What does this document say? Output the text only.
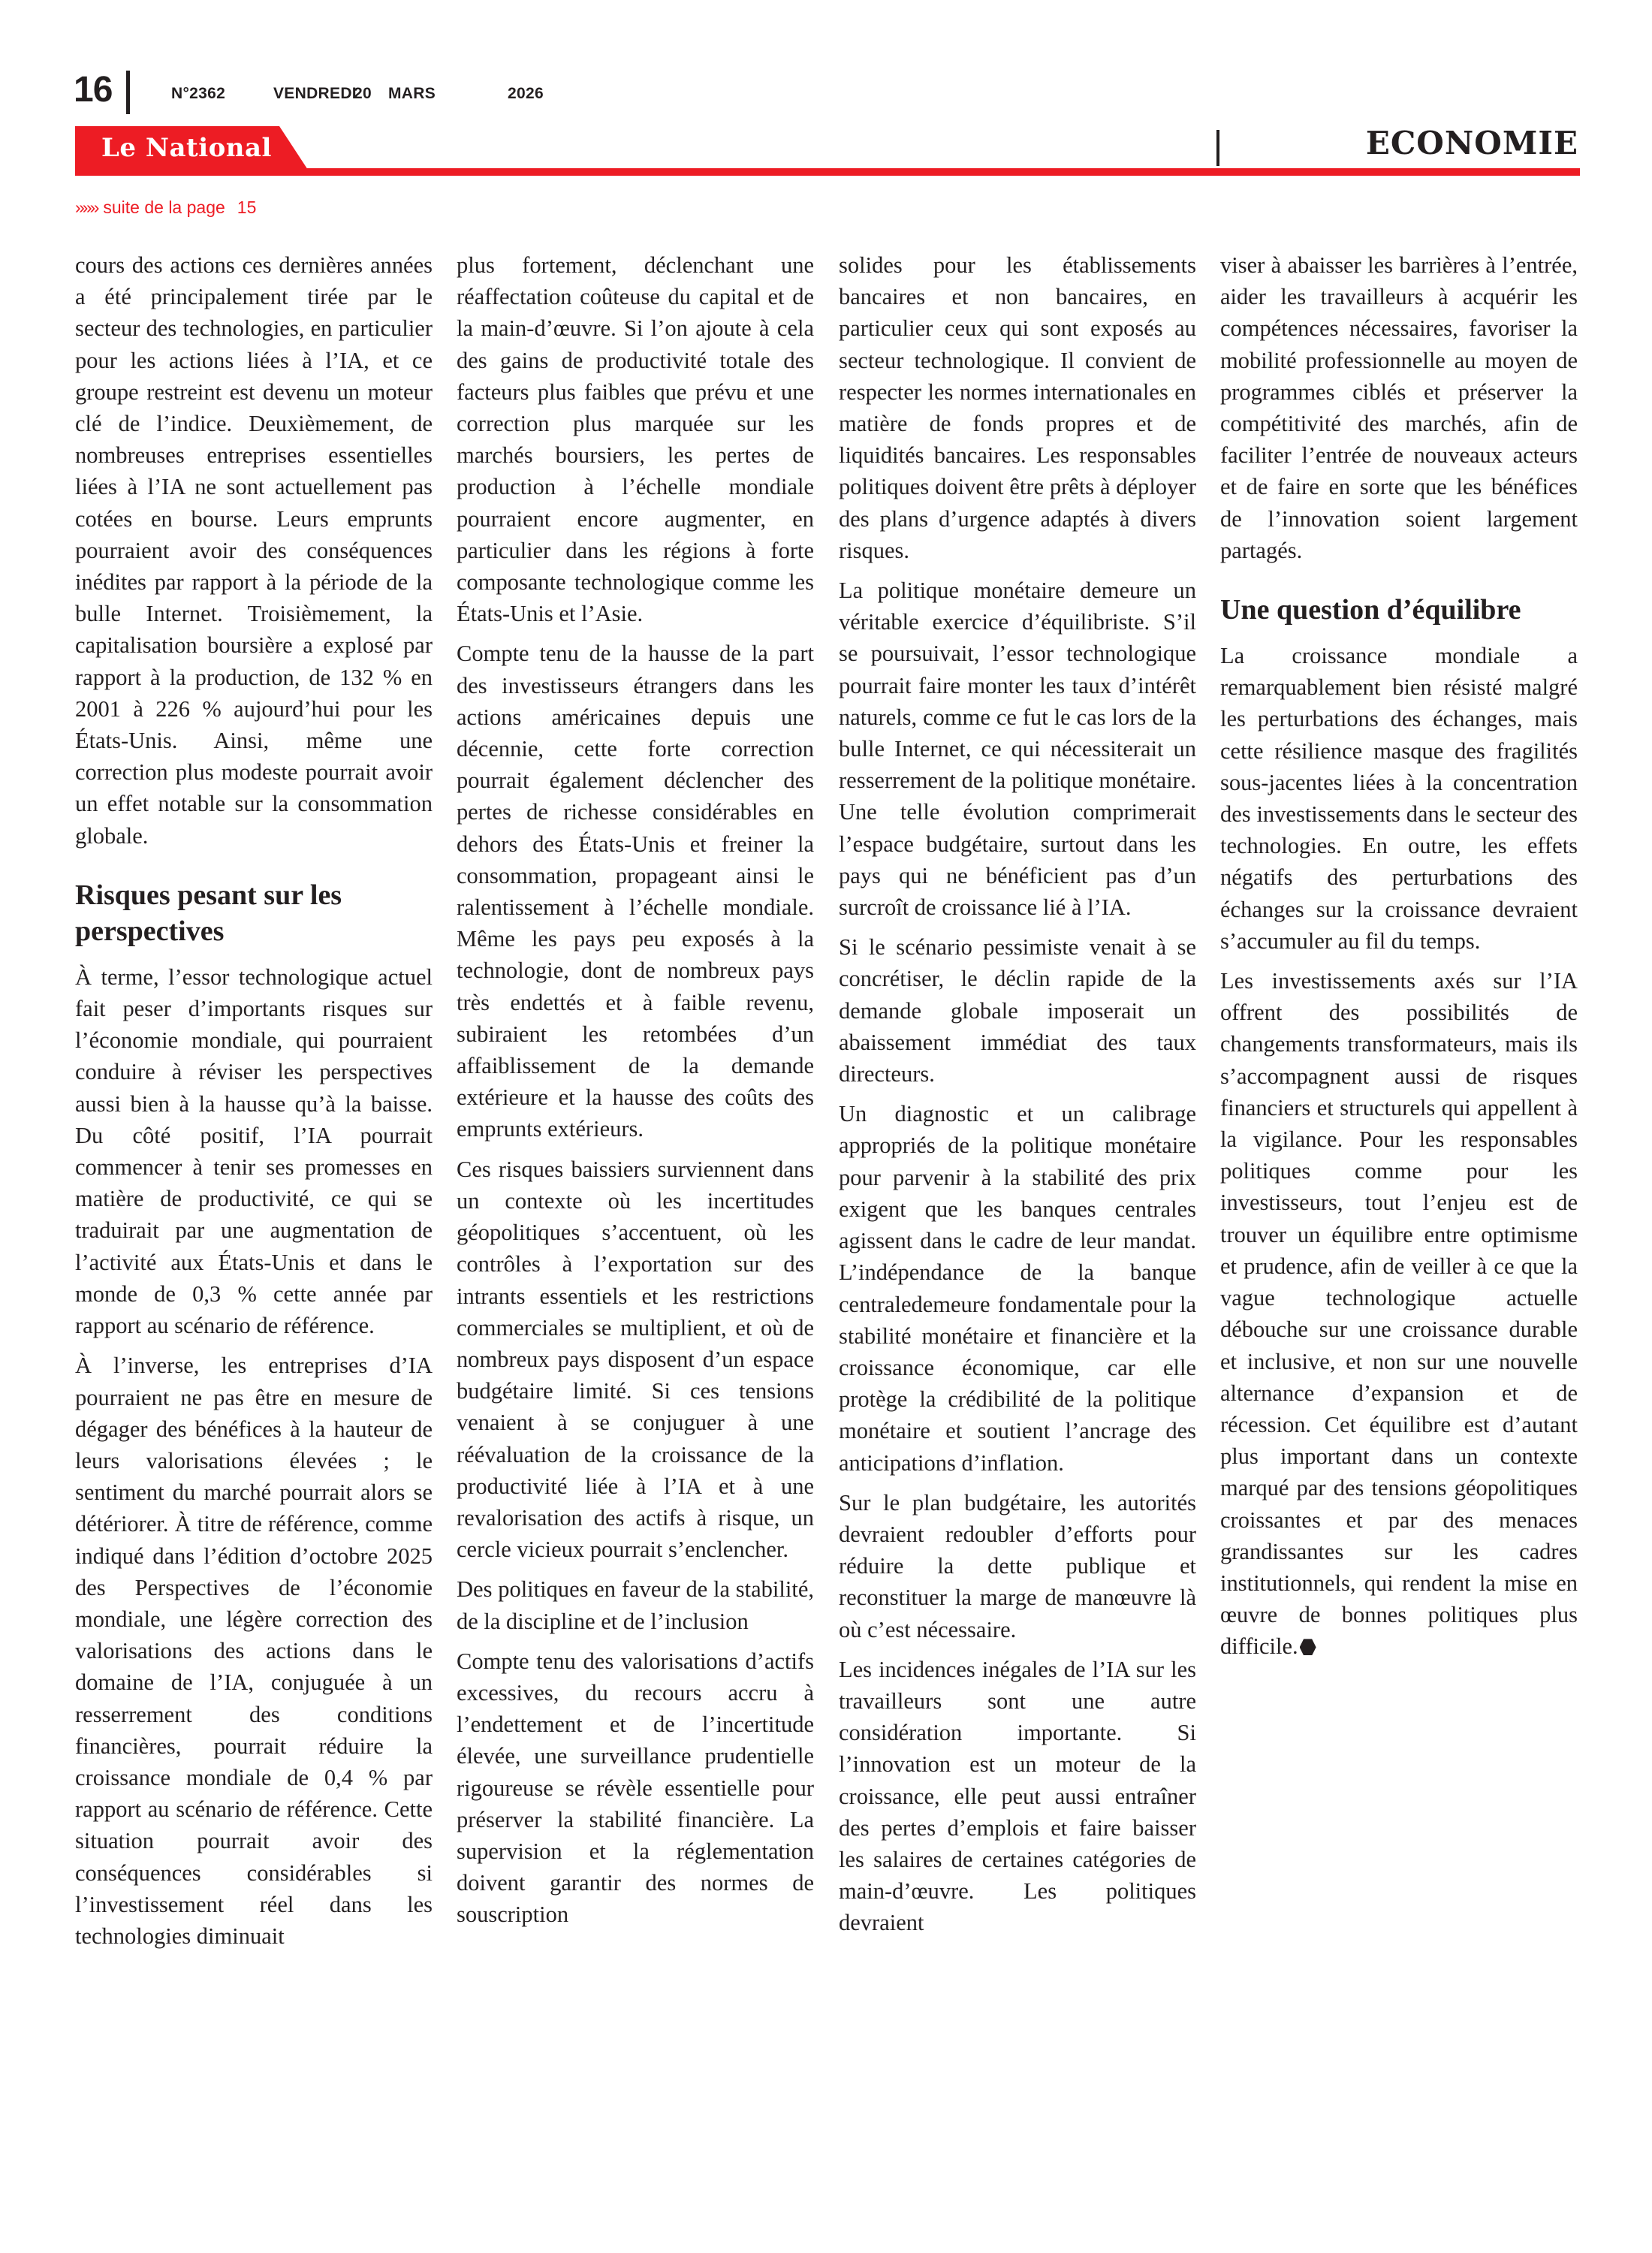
16	N°2362	VENDREDI
20 MARS	2026
Le National	ECONOMIE
»»» suite de la page 15

cours des actions ces dernières années a été principalement tirée par le secteur des technologies, en particulier pour les actions liées à l’IA, et ce groupe restreint est devenu un moteur clé de l’indice. Deuxièmement, de nombreuses entreprises essentielles liées à l’IA ne sont actuellement pas cotées en bourse. Leurs emprunts pourraient avoir des conséquences inédites par rapport à la période de la bulle Internet. Troisièmement, la capitalisation boursière a explosé par rapport à la production, de 132 % en 2001 à 226 % aujourd’hui pour les États-Unis. Ainsi, même une correction plus modeste pourrait avoir un effet notable sur la consommation globale.

Risques pesant sur les perspectives

À terme, l’essor technologique actuel fait peser d’importants risques sur l’économie mondiale, qui pourraient conduire à réviser les perspectives aussi bien à la hausse qu’à la baisse. Du côté positif, l’IA pourrait commencer à tenir ses promesses en matière de productivité, ce qui se traduirait par une augmentation de l’activité aux États-Unis et dans le monde de 0,3 % cette année par rapport au scénario de référence.

À l’inverse, les entreprises d’IA pourraient ne pas être en mesure de dégager des bénéfices à la hauteur de leurs valorisations élevées ; le sentiment du marché pourrait alors se détériorer. À titre de référence, comme indiqué dans l’édition d’octobre 2025 des Perspectives de l’économie mondiale, une légère correction des valorisations des actions dans le domaine de l’IA, conjuguée à un resserrement des conditions financières, pourrait réduire la croissance mondiale de 0,4 % par rapport au scénario de référence. Cette situation pourrait avoir des conséquences considérables si l’investissement réel dans les technologies diminuait

plus fortement, déclenchant une réaffectation coûteuse du capital et de la main-d’œuvre. Si l’on ajoute à cela des gains de productivité totale des facteurs plus faibles que prévu et une correction plus marquée sur les marchés boursiers, les pertes de production à l’échelle mondiale pourraient encore augmenter, en particulier dans les régions à forte composante technologique comme les États-Unis et l’Asie.

Compte tenu de la hausse de la part des investisseurs étrangers dans les actions américaines depuis une décennie, cette forte correction pourrait également déclencher des pertes de richesse considérables en dehors des États-Unis et freiner la consommation, propageant ainsi le ralentissement à l’échelle mondiale. Même les pays peu exposés à la technologie, dont de nombreux pays très endettés et à faible revenu, subiraient les retombées d’un affaiblissement de la demande extérieure et la hausse des coûts des emprunts extérieurs.

Ces risques baissiers surviennent dans un contexte où les incertitudes géopolitiques s’accentuent, où les contrôles à l’exportation sur des intrants essentiels et les restrictions commerciales se multiplient, et où de nombreux pays disposent d’un espace budgétaire limité. Si ces tensions venaient à se conjuguer à une réévaluation de la croissance de la productivité liée à l’IA et à une revalorisation des actifs à risque, un cercle vicieux pourrait s’enclencher.

Des politiques en faveur de la stabilité, de la discipline et de l’inclusion

Compte tenu des valorisations d’actifs excessives, du recours accru à l’endettement et de l’incertitude élevée, une surveillance prudentielle rigoureuse se révèle essentielle pour préserver la stabilité financière. La supervision et la réglementation doivent garantir des normes de souscription

solides pour les établissements bancaires et non bancaires, en particulier ceux qui sont exposés au secteur technologique. Il convient de respecter les normes internationales en matière de fonds propres et de liquidités bancaires. Les responsables politiques doivent être prêts à déployer des plans d’urgence adaptés à divers risques.

La politique monétaire demeure un véritable exercice d’équilibriste. S’il se poursuivait, l’essor technologique pourrait faire monter les taux d’intérêt naturels, comme ce fut le cas lors de la bulle Internet, ce qui nécessiterait un resserrement de la politique monétaire. Une telle évolution comprimerait l’espace budgétaire, surtout dans les pays qui ne bénéficient pas d’un surcroît de croissance lié à l’IA.

Si le scénario pessimiste venait à se concrétiser, le déclin rapide de la demande globale imposerait un abaissement immédiat des taux directeurs.

Un diagnostic et un calibrage appropriés de la politique monétaire pour parvenir à la stabilité des prix exigent que les banques centrales agissent dans le cadre de leur mandat. L’indépendance de la banque centraledemeure fondamentale pour la stabilité monétaire et financière et la croissance économique, car elle protège la crédibilité de la politique monétaire et soutient l’ancrage des anticipations d’inflation.

Sur le plan budgétaire, les autorités devraient redoubler d’efforts pour réduire la dette publique et reconstituer la marge de manœuvre là où c’est nécessaire.

Les incidences inégales de l’IA sur les travailleurs sont une autre considération importante. Si l’innovation est un moteur de la croissance, elle peut aussi entraîner des pertes d’emplois et faire baisser les salaires de certaines catégories de main-d’œuvre. Les politiques devraient

viser à abaisser les barrières à l’entrée, aider les travailleurs à acquérir les compétences nécessaires, favoriser la mobilité professionnelle au moyen de programmes ciblés et préserver la compétitivité des marchés, afin de faciliter l’entrée de nouveaux acteurs et de faire en sorte que les bénéfices de l’innovation soient largement partagés.

Une question d’équilibre

La croissance mondiale a remarquablement bien résisté malgré les perturbations des échanges, mais cette résilience masque des fragilités sous-jacentes liées à la concentration des investissements dans le secteur des technologies. En outre, les effets négatifs des perturbations des échanges sur la croissance devraient s’accumuler au fil du temps.

Les investissements axés sur l’IA offrent des possibilités de changements transformateurs, mais ils s’accompagnent aussi de risques financiers et structurels qui appellent à la vigilance. Pour les responsables politiques comme pour les investisseurs, tout l’enjeu est de trouver un équilibre entre optimisme et prudence, afin de veiller à ce que la vague technologique actuelle débouche sur une croissance durable et inclusive, et non sur une nouvelle alternance d’expansion et de récession. Cet équilibre est d’autant plus important dans un contexte marqué par des tensions géopolitiques croissantes et par des menaces grandissantes sur les cadres institutionnels, qui rendent la mise en œuvre de bonnes politiques plus difficile.
